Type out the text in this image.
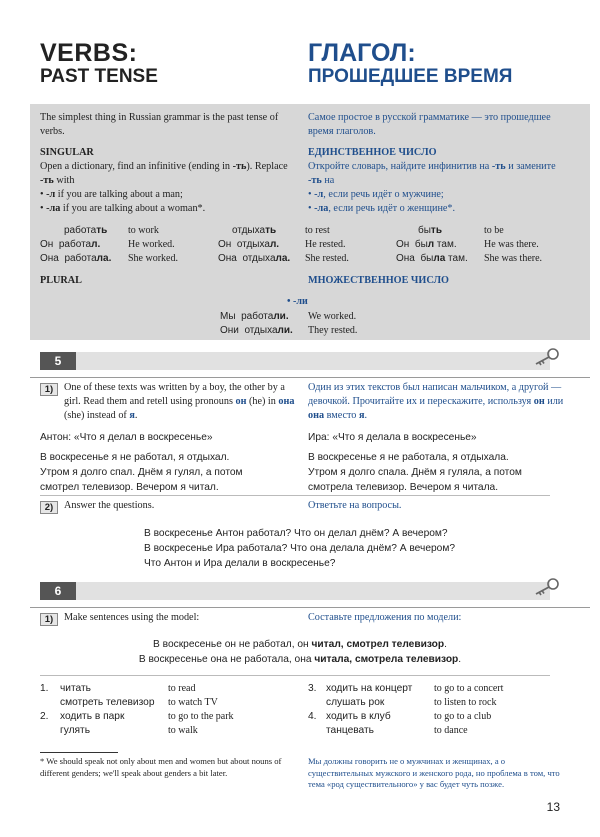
VERBS:
PAST TENSE
ГЛАГОЛ:
ПРОШЕДШЕЕ ВРЕМЯ
The simplest thing in Russian grammar is the past tense of verbs.
Самое простое в русской грамматике — это прошедшее время глаголов.
SINGULAR	ЕДИНСТВЕННОЕ ЧИСЛО
Open a dictionary, find an infinitive (ending in -ть). Replace
-ть with
• -л if you are talking about a man;
• -ла if you are talking about a woman*.
Откройте словарь, найдите инфинитив на -ть и замените
-ть на
• -л, если речь идёт о мужчине;
• -ла, если речь идёт о женщине*.
работать to work
Он работал.	He worked.
Она работала. She worked.
отдыхать	to rest
Он отдыхал.	He rested.
Она отдыхала. She rested.
быть	to be
Он был там.	He was there.
Она была там. She was there.
PLURAL	МНОЖЕСТВЕННОЕ ЧИСЛО
• -ли
Мы работали. We worked.
Они отдыхали. They rested.
5
1)	One of these texts was written by a boy, the other by a girl. Read them and retell using pronouns он (he) in она (she) instead of я.
Один из этих текстов был написан мальчиком, а другой — девочкой. Прочитайте их и перескажите, используя он или она вместо я.
Антон: «Что я делал в воскресенье»
В воскресенье я не работал, я отдыхал.
Утром я долго спал. Днём я гулял, а потом
смотрел телевизор. Вечером я читал.
Ира: «Что я делала в воскресенье»
В воскресенье я не работала, я отдыхала.
Утром я долго спала. Днём я гуляла, а потом
смотрела телевизор. Вечером я читала.
2)	Answer the questions.	Ответьте на вопросы.
В воскресенье Антон работал? Что он делал днём? А вечером?
В воскресенье Ира работала? Что она делала днём? А вечером?
Что Антон и Ира делали в воскресенье?
6
1)	Make sentences using the model:	Составьте предложения по модели:
В воскресенье он не работал, он читал, смотрел телевизор.
В воскресенье она не работала, она читала, смотрела телевизор.
1. читать	to read
смотреть телевизор to watch TV
2. ходить в парк	to go to the park
гулять	to walk
3. ходить на концерт to go to a concert
слушать рок	to listen to rock
4. ходить в клуб	to go to a club
танцевать	to dance
* We should speak not only about men and women but about nouns of different genders; we'll speak about genders a bit later.
Мы должны говорить не о мужчинах и женщинах, а о существительных мужского и женского рода, но проблема в том, что тема «род существительного» у вас будет чуть позже.
13
